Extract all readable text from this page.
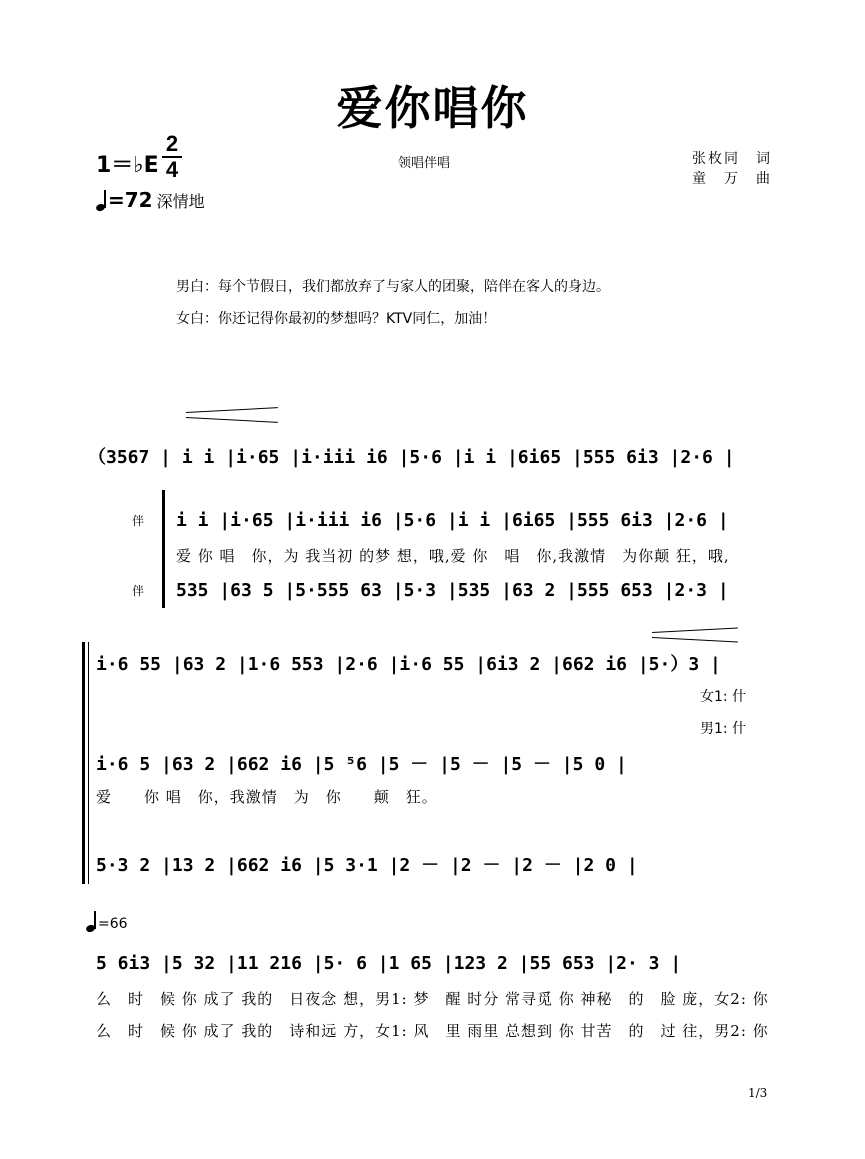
爱你唱你
1＝♭E
2
4
=72 深情地
领唱伴唱	张枚同　词
童　万　曲
男白：每个节假日，我们都放弃了与家人的团聚，陪伴在客人的身边。
女白：你还记得你最初的梦想吗？KTV同仁，加油！
（3567 | i i |i·65 |i·iii i6 |5·6 |i i |6i65 |555 6i3 |2·6 |
伴 i i |i·65 |i·iii i6 |5·6 |i i |6i65 |555 6i3 |2·6 |
爱 你 唱　你，为 我当初 的梦 想，哦,爱 你　唱　你,我激情　为你颠 狂，哦,
伴 535 |63 5 |5·555 63 |5·3 |535 |63 2 |555 653 |2·3 |
i·6 55 |63 2 |1·6 553 |2·6 |i·6 55 |6i3 2 |662 i6 |5·）3 |
女1: 什
男1: 什
i·6 5 |63 2 |662 i6 |5 ⁵6 |5 － |5 － |5 － |5 0 |
爱　　你 唱　你，我激情　为　你　　颠　狂。
5·3 2 |13 2 |662 i6 |5 3·1 |2 － |2 － |2 － |2 0 |
=66
5 6i3 |5 32 |11 216 |5· 6 |1 65 |123 2 |55 653 |2· 3 |
么　时　候 你 成了 我的　日夜念 想，男1: 梦　醒 时分 常寻觅 你 神秘　的　脸 庞，女2: 你
么　时　候 你 成了 我的　诗和远 方，女1: 风　里 雨里 总想到 你 甘苦　的　过 往，男2: 你
1/3
